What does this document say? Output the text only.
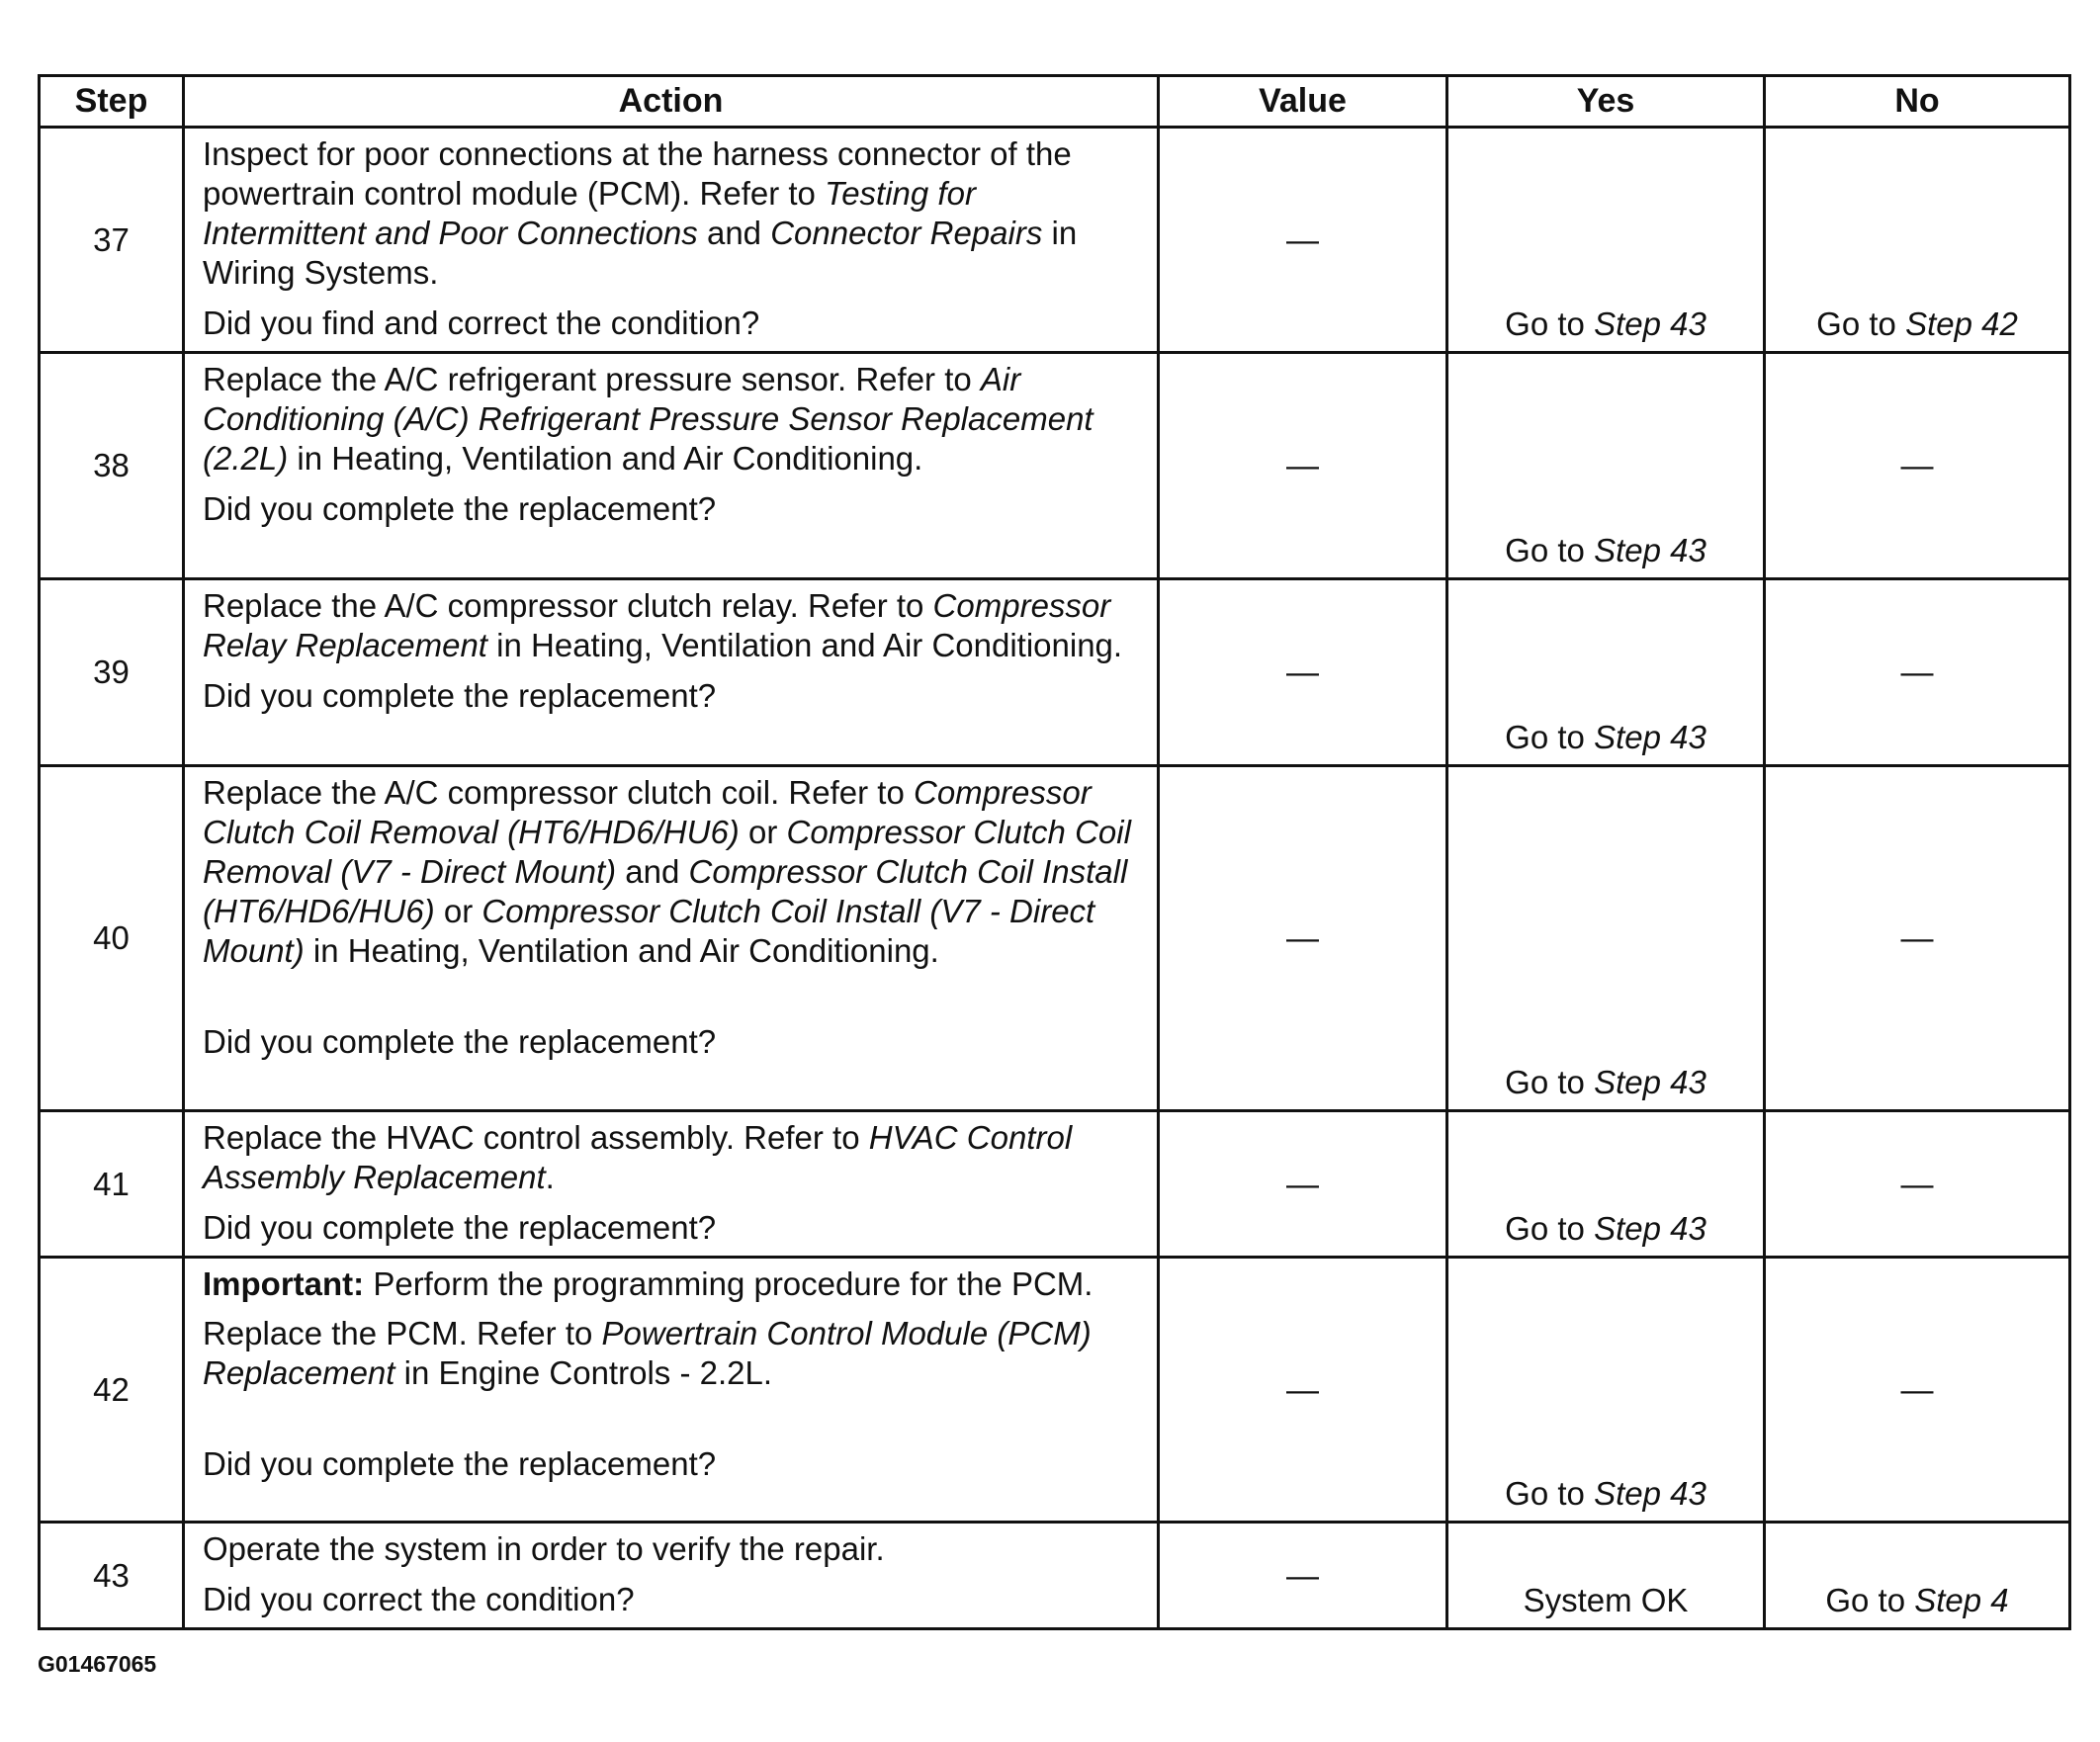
Step	Action	Value	Yes	No
37	Inspect for poor connections at the harness connector of the powertrain control module (PCM). Refer to Testing for Intermittent and Poor Connections and Connector Repairs in Wiring Systems.
Did you find and correct the condition?	—	Go to Step 43	Go to Step 42
38	Replace the A/C refrigerant pressure sensor. Refer to Air Conditioning (A/C) Refrigerant Pressure Sensor Replacement (2.2L) in Heating, Ventilation and Air Conditioning.
Did you complete the replacement?	—	Go to Step 43	—
39	Replace the A/C compressor clutch relay. Refer to Compressor Relay Replacement in Heating, Ventilation and Air Conditioning.
Did you complete the replacement?	—	Go to Step 43	—
40	Replace the A/C compressor clutch coil. Refer to Compressor Clutch Coil Removal (HT6/HD6/HU6) or Compressor Clutch Coil Removal (V7 - Direct Mount) and Compressor Clutch Coil Install (HT6/HD6/HU6) or Compressor Clutch Coil Install (V7 - Direct Mount) in Heating, Ventilation and Air Conditioning.
Did you complete the replacement?	—	Go to Step 43	—
41	Replace the HVAC control assembly. Refer to HVAC Control Assembly Replacement.
Did you complete the replacement?	—	Go to Step 43	—
42	Important: Perform the programming procedure for the PCM.
Replace the PCM. Refer to Powertrain Control Module (PCM) Replacement in Engine Controls - 2.2L.
Did you complete the replacement?	—	Go to Step 43	—
43	Operate the system in order to verify the repair.
Did you correct the condition?	—	System OK	Go to Step 4
G01467065
